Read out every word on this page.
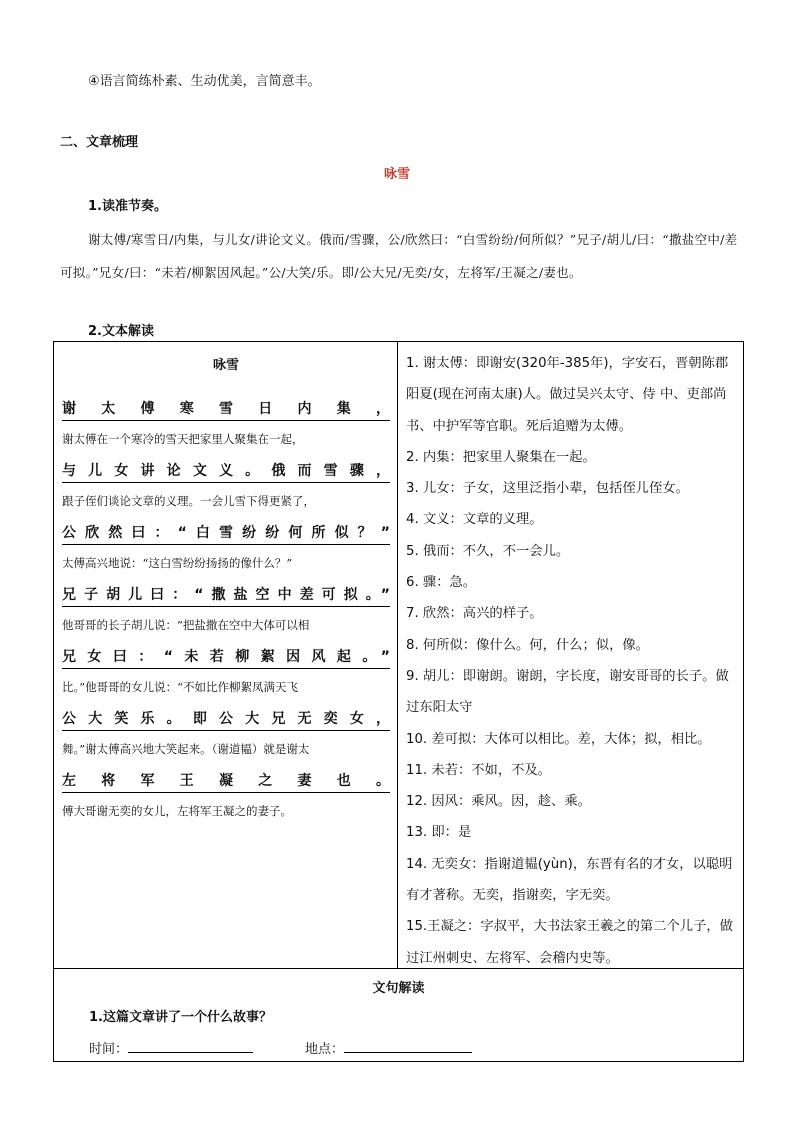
④语言简练朴素、生动优美，言简意丰。
二、文章梳理
咏雪
1.读准节奏。
谢太傅/寒雪日/内集，与儿女/讲论文义。俄而/雪骤，公/欣然曰：“白雪纷纷/何所似？”兄子/胡儿/曰：“撒盐空中/差可拟。”兄女/曰：“未若/柳絮因风起。”公/大笑/乐。即/公大兄/无奕/女，左将军/王凝之/妻也。
2.文本解读
咏雪
谢太傅寒雪日内集，
谢太傅在一个寒冷的雪天把家里人聚集在一起，
与儿女讲论文义。俄而雪骤，
跟子侄们谈论文章的义理。一会儿雪下得更紧了，
公欣然曰：“白雪纷纷何所似？”
太傅高兴地说：“这白雪纷纷扬扬的像什么？”
兄子胡儿曰：“撒盐空中差可拟。”
他哥哥的长子胡儿说：“把盐撒在空中大体可以相
兄女曰：“未若柳絮因风起。”
比。”他哥哥的女儿说：“不如比作柳絮凤满天飞
公大笑乐。即公大兄无奕女，
舞。”谢太傅高兴地大笑起来。（谢道韫）就是谢太
左将军王凝之妻也。
傅大哥谢无奕的女儿，左将军王凝之的妻子。
1. 谢太傅：即谢安(320年-385年)，字安石，晋朝陈郡阳夏(现在河南太康)人。做过吴兴太守、侍 中、吏部尚书、中护军等官职。死后追赠为太傅。
2. 内集：把家里人聚集在一起。
3. 儿女：子女，这里泛指小辈，包括侄儿侄女。
4. 文义：文章的义理。
5. 俄而：不久，不一会儿。
6. 骤：急。
7. 欣然：高兴的样子。
8. 何所似：像什么。何，什么；似，像。
9. 胡儿：即谢朗。谢朗，字长度，谢安哥哥的长子。做过东阳太守
10. 差可拟：大体可以相比。差，大体；拟，相比。
11. 未若：不如，不及。
12. 因风：乘风。因，趁、乘。
13. 即：是
14. 无奕女：指谢道韫(yùn)，东晋有名的才女，以聪明有才著称。无奕，指谢奕，字无奕。
15.王凝之：字叔平，大书法家王羲之的第二个儿子，做过江州刺史、左将军、会稽内史等。
文句解读
1.这篇文章讲了一个什么故事？
时间：	地点：
